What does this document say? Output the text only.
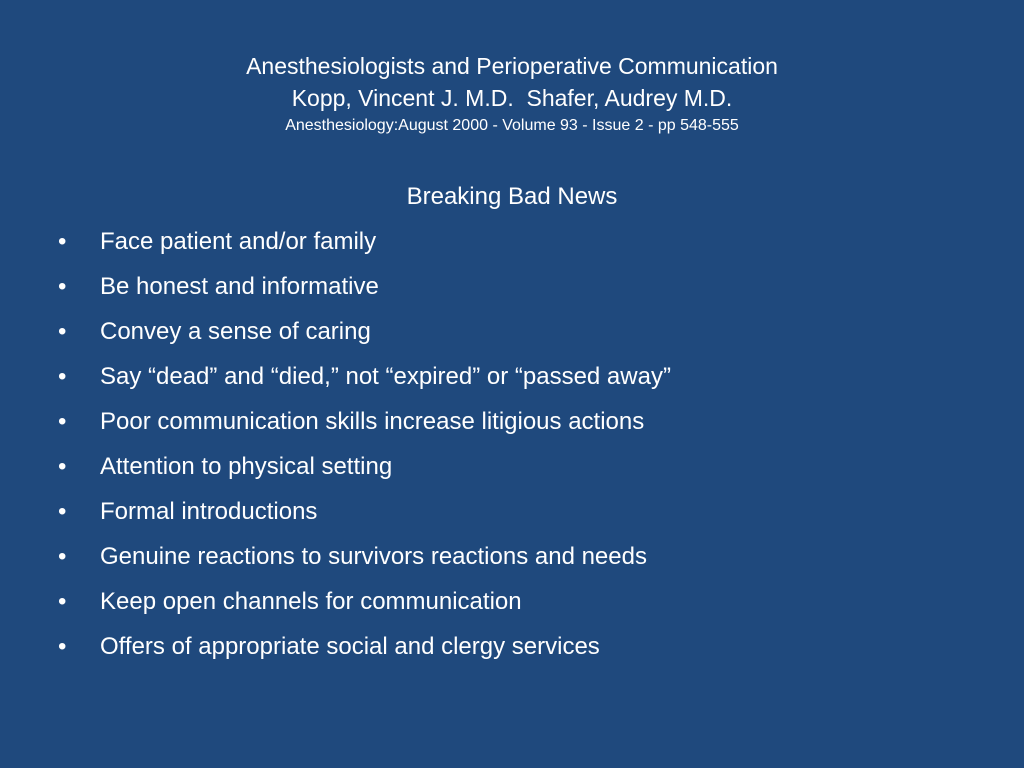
Anesthesiologists and Perioperative Communication
Kopp, Vincent J. M.D.  Shafer, Audrey M.D.
Anesthesiology:August 2000 - Volume 93 - Issue 2 - pp 548-555
Breaking Bad News
• Face patient and/or family
• Be honest and informative
• Convey a sense of caring
• Say “dead” and “died,” not “expired” or “passed away”
• Poor communication skills increase litigious actions
• Attention to physical setting
• Formal introductions
• Genuine reactions to survivors reactions and needs
• Keep open channels for communication
• Offers of appropriate social and clergy services
